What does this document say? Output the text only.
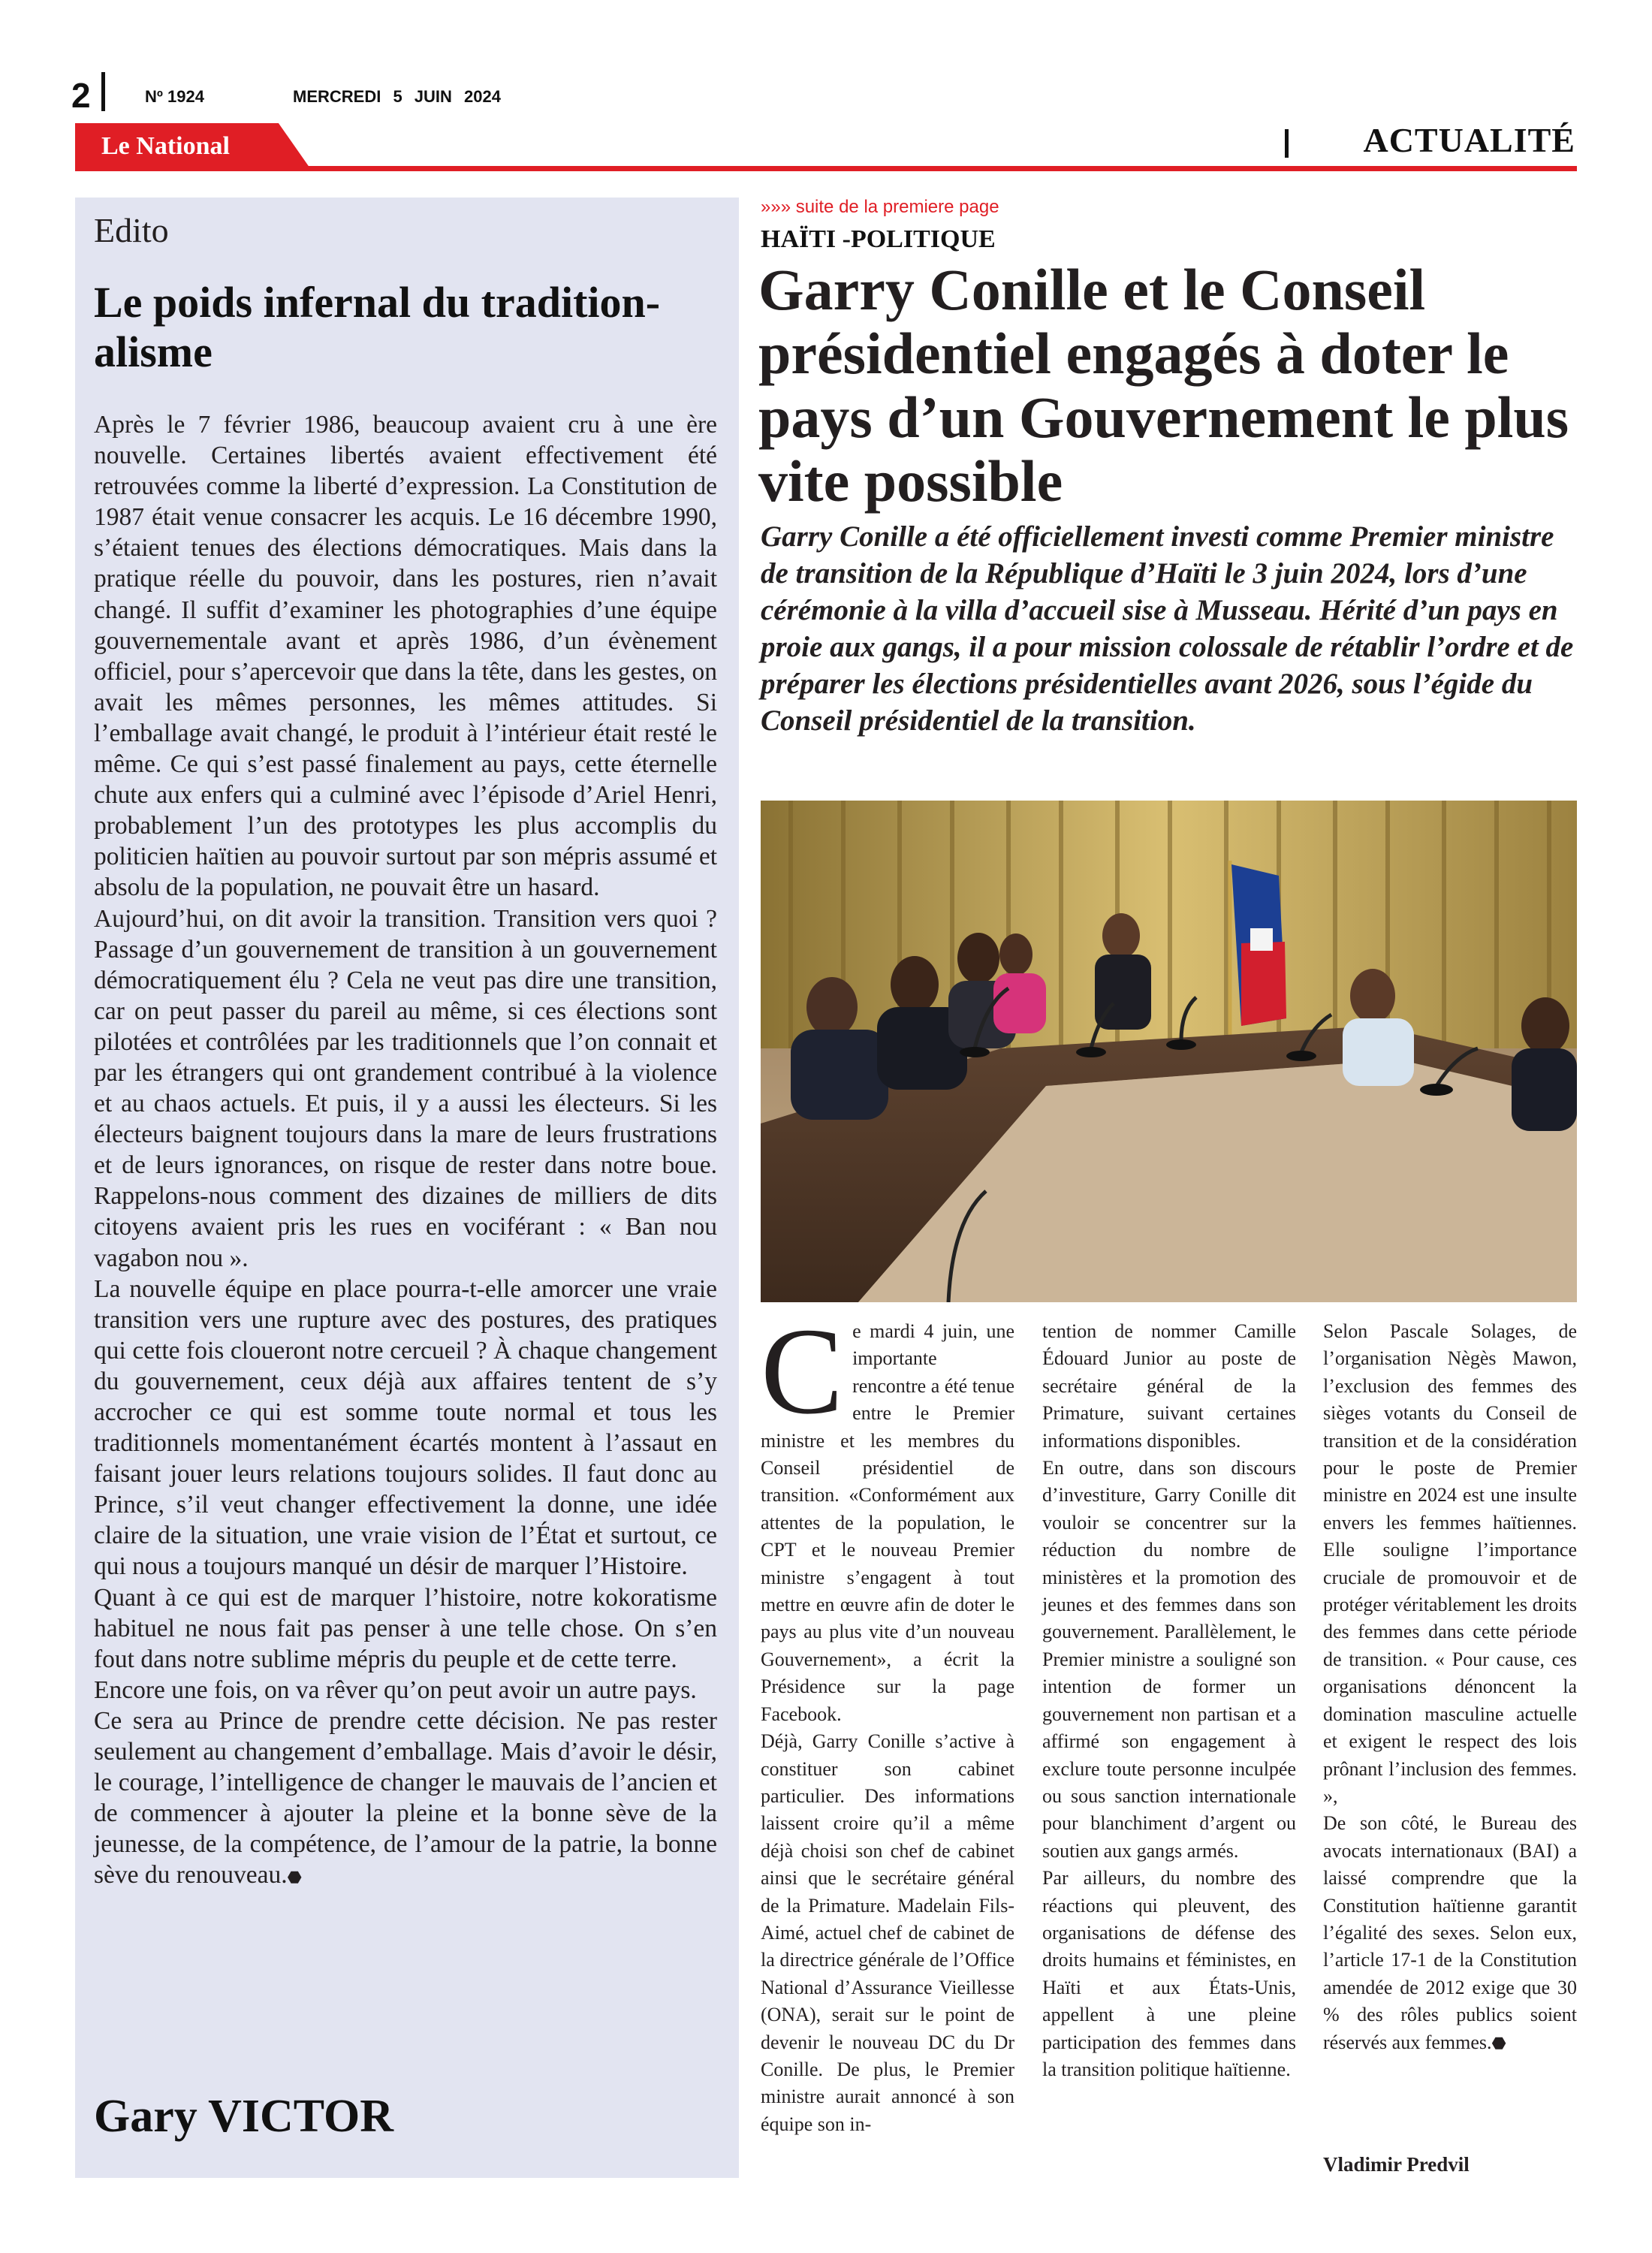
2	Nº 1924	MERCREDI 5 JUIN 2024
Le National	ACTUALITÉ
Edito
Le poids infernal du tradition-alisme

Après le 7 février 1986, beaucoup avaient cru à une ère nouvelle. Certaines libertés avaient effectivement été retrouvées comme la liberté d’expression. La Constitution de 1987 était venue consacrer les acquis. Le 16 décembre 1990, s’étaient tenues des élections démocratiques. Mais dans la pratique réelle du pouvoir, dans les postures, rien n’avait changé. Il suffit d’examiner les photographies d’une équipe gouvernementale avant et après 1986, d’un évènement officiel, pour s’apercevoir que dans la tête, dans les gestes, on avait les mêmes personnes, les mêmes attitudes. Si l’emballage avait changé, le produit à l’intérieur était resté le même. Ce qui s’est passé finalement au pays, cette éternelle chute aux enfers qui a culminé avec l’épisode d’Ariel Henri, probablement l’un des prototypes les plus accomplis du politicien haïtien au pouvoir surtout par son mépris assumé et absolu de la population, ne pouvait être un hasard.

Aujourd’hui, on dit avoir la transition. Transition vers quoi ? Passage d’un gouvernement de transition à un gouvernement démocratiquement élu ? Cela ne veut pas dire une transition, car on peut passer du pareil au même, si ces élections sont pilotées et contrôlées par les traditionnels que l’on connait et par les étrangers qui ont grandement contribué à la violence et au chaos actuels. Et puis, il y a aussi les électeurs. Si les électeurs baignent toujours dans la mare de leurs frustrations et de leurs ignorances, on risque de rester dans notre boue. Rappelons-nous comment des dizaines de milliers de dits citoyens avaient pris les rues en vociférant : « Ban nou vagabon nou ».

La nouvelle équipe en place pourra-t-elle amorcer une vraie transition vers une rupture avec des postures, des pratiques qui cette fois cloueront notre cercueil ? À chaque changement du gouvernement, ceux déjà aux affaires tentent de s’y accrocher ce qui est somme toute normal et tous les traditionnels momentanément écartés montent à l’assaut en faisant jouer leurs relations toujours solides. Il faut donc au Prince, s’il veut changer effectivement la donne, une idée claire de la situation, une vraie vision de l’État et surtout, ce qui nous a toujours manqué un désir de marquer l’Histoire.

Quant à ce qui est de marquer l’histoire, notre kokoratisme habituel ne nous fait pas penser à une telle chose. On s’en fout dans notre sublime mépris du peuple et de cette terre.

Encore une fois, on va rêver qu’on peut avoir un autre pays.

Ce sera au Prince de prendre cette décision. Ne pas rester seulement au changement d’emballage. Mais d’avoir le désir, le courage, l’intelligence de changer le mauvais de l’ancien et de commencer à ajouter la pleine et la bonne sève de la jeunesse, de la compétence, de l’amour de la patrie, la bonne sève du renouveau.⬣

Gary VICTOR
»»» suite de la premiere page
HAÏTI -POLITIQUE
Garry Conille et le Conseil présidentiel engagés à doter le pays d’un Gouvernement le plus vite possible
Garry Conille a été officiellement investi comme Premier ministre de transition de la République d’Haïti le 3 juin 2024, lors d’une cérémonie à la villa d’accueil sise à Musseau. Hérité d’un pays en proie aux gangs, il a pour mission colossale de rétablir l’ordre et de préparer les élections présidentielles avant 2026, sous l’égide du Conseil présidentiel de la transition.

Ce mardi 4 juin, une importante rencontre a été tenue entre le Premier ministre et les membres du Conseil présidentiel de transition. «Conformément aux attentes de la population, le CPT et le nouveau Premier ministre s’engagent à tout mettre en œuvre afin de doter le pays au plus vite d’un nouveau Gouvernement», a écrit la Présidence sur la page Facebook.

Déjà, Garry Conille s’active à constituer son cabinet particulier. Des informations laissent croire qu’il a même déjà choisi son chef de cabinet ainsi que le secrétaire général de la Primature. Madelain Fils-Aimé, actuel chef de cabinet de la directrice générale de l’Office National d’Assurance Vieillesse (ONA), serait sur le point de devenir le nouveau DC du Dr Conille. De plus, le Premier ministre aurait annoncé à son équipe son in-

tention de nommer Camille Édouard Junior au poste de secrétaire général de la Primature, suivant certaines informations disponibles.

En outre, dans son discours d’investiture, Garry Conille dit vouloir se concentrer sur la réduction du nombre de ministères et la promotion des jeunes et des femmes dans son gouvernement. Parallèlement, le Premier ministre a souligné son intention de former un gouvernement non partisan et a affirmé son engagement à exclure toute personne inculpée ou sous sanction internationale pour blanchiment d’argent ou soutien aux gangs armés.

Par ailleurs, du nombre des réactions qui pleuvent, des organisations de défense des droits humains et féministes, en Haïti et aux États-Unis, appellent à une pleine participation des femmes dans la transition politique haïtienne.

Selon Pascale Solages, de l’organisation Nègès Mawon, l’exclusion des femmes des sièges votants du Conseil de transition et de la considération pour le poste de Premier ministre en 2024 est une insulte envers les femmes haïtiennes. Elle souligne l’importance cruciale de promouvoir et de protéger véritablement les droits des femmes dans cette période de transition. « Pour cause, ces organisations dénoncent la domination masculine actuelle et exigent le respect des lois prônant l’inclusion des femmes. »,

De son côté, le Bureau des avocats internationaux (BAI) a laissé comprendre que la Constitution haïtienne garantit l’égalité des sexes. Selon eux, l’article 17-1 de la Constitution amendée de 2012 exige que 30 % des rôles publics soient réservés aux femmes.⬣

Vladimir Predvil
